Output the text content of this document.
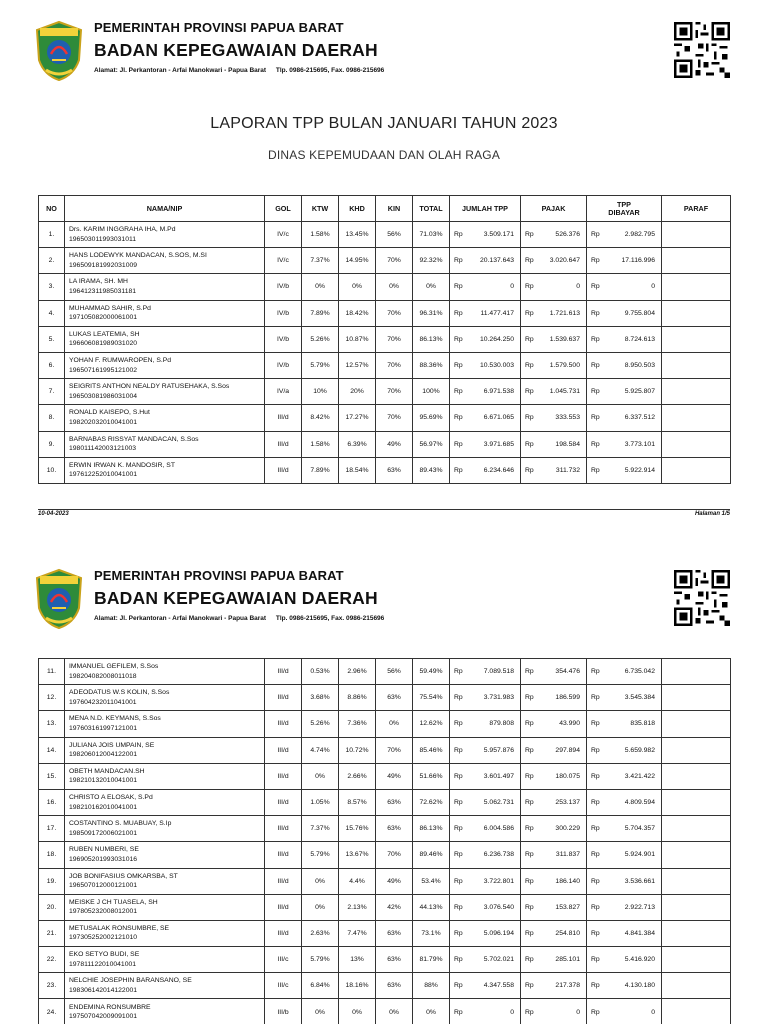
PEMERINTAH PROVINSI PAPUA BARAT
BADAN KEPEGAWAIAN DAERAH
Alamat: Jl. Perkantoran - Arfai Manokwari - Papua Barat Tlp. 0986-215695, Fax. 0986-215696
LAPORAN TPP BULAN JANUARI TAHUN 2023
DINAS KEPEMUDAAN DAN OLAH RAGA
NO	NAMA/NIP	GOL	KTW	KHD	KIN	TOTAL	JUMLAH TPP		PAJAK		TPP DIBAYAR		PARAF
1.	Drs. KARIM INGGRAHA IHA, M.Pd
196503011993031011	IV/c	1.58%	13.45%	56%	71.03%	Rp	3.509.171	Rp	526.376	Rp	2.982.795	
2.	HANS LODEWYK MANDACAN, S.SOS, M.SI
196509181992031009	IV/c	7.37%	14.95%	70%	92.32%	Rp	20.137.643	Rp	3.020.647	Rp	17.116.996	
3.	LA IRAMA, SH. MH
196412311985031181	IV/b	0%	0%	0%	0%	Rp	0	Rp	0	Rp	0	
4.	MUHAMMAD SAHIR, S.Pd
197105082000061001	IV/b	7.89%	18.42%	70%	96.31%	Rp	11.477.417	Rp	1.721.613	Rp	9.755.804	
5.	LUKAS LEATEMIA, SH
196606081989031020	IV/b	5.26%	10.87%	70%	86.13%	Rp	10.264.250	Rp	1.539.637	Rp	8.724.613	
6.	YOHAN F. RUMWAROPEN, S.Pd
196507161995121002	IV/b	5.79%	12.57%	70%	88.36%	Rp	10.530.003	Rp	1.579.500	Rp	8.950.503	
7.	SEIGRITS ANTHON NEALDY RATUSEHAKA, S.Sos
196503081986031004	IV/a	10%	20%	70%	100%	Rp	6.971.538	Rp	1.045.731	Rp	5.925.807	
8.	RONALD KAISEPO, S.Hut
198202032010041001	III/d	8.42%	17.27%	70%	95.69%	Rp	6.671.065	Rp	333.553	Rp	6.337.512	
9.	BARNABAS RISSYAT MANDACAN, S.Sos
198011142003121003	III/d	1.58%	6.39%	49%	56.97%	Rp	3.971.685	Rp	198.584	Rp	3.773.101	
10.	ERWIN IRWAN K. MANDOSIR, ST
197612252010041001	III/d	7.89%	18.54%	63%	89.43%	Rp	6.234.646	Rp	311.732	Rp	5.922.914	
10-04-2023	Halaman 1/5
PEMERINTAH PROVINSI PAPUA BARAT
BADAN KEPEGAWAIAN DAERAH
Alamat: Jl. Perkantoran - Arfai Manokwari - Papua Barat Tlp. 0986-215695, Fax. 0986-215696
11.	IMMANUEL GEFILEM, S.Sos
198204082008011018	III/d	0.53%	2.96%	56%	59.49%	Rp	7.089.518	Rp	354.476	Rp	6.735.042	
12.	ADEODATUS W.S KOLIN, S.Sos
197604232011041001	III/d	3.68%	8.86%	63%	75.54%	Rp	3.731.983	Rp	186.599	Rp	3.545.384	
13.	MENA N.D. KEYMANS, S.Sos
197603161997121001	III/d	5.26%	7.36%	0%	12.62%	Rp	879.808	Rp	43.990	Rp	835.818	
14.	JULIANA JOIS UMPAIN, SE
198206012004122001	III/d	4.74%	10.72%	70%	85.46%	Rp	5.957.876	Rp	297.894	Rp	5.659.982	
15.	OBETH MANDACAN.SH
198210132010041001	III/d	0%	2.66%	49%	51.66%	Rp	3.601.497	Rp	180.075	Rp	3.421.422	
16.	CHRISTO A ELOSAK, S.Pd
198210162010041001	III/d	1.05%	8.57%	63%	72.62%	Rp	5.062.731	Rp	253.137	Rp	4.809.594	
17.	COSTANTINO S. MUABUAY, S.Ip
198509172006021001	III/d	7.37%	15.76%	63%	86.13%	Rp	6.004.586	Rp	300.229	Rp	5.704.357	
18.	RUBEN NUMBERI, SE
196905201993031016	III/d	5.79%	13.67%	70%	89.46%	Rp	6.236.738	Rp	311.837	Rp	5.924.901	
19.	JOB BONIFASIUS OMKARSBA, ST
196507012000121001	III/d	0%	4.4%	49%	53.4%	Rp	3.722.801	Rp	186.140	Rp	3.536.661	
20.	MEISKE J CH TUASELA, SH
197805232008012001	III/d	0%	2.13%	42%	44.13%	Rp	3.076.540	Rp	153.827	Rp	2.922.713	
21.	METUSALAK RONSUMBRE, SE
197305252002121010	III/d	2.63%	7.47%	63%	73.1%	Rp	5.096.194	Rp	254.810	Rp	4.841.384	
22.	EKO SETYO BUDI, SE
197811122010041001	III/c	5.79%	13%	63%	81.79%	Rp	5.702.021	Rp	285.101	Rp	5.416.920	
23.	NELCHIE JOSEPHIN BARANSANO, SE
198306142014122001	III/c	6.84%	18.16%	63%	88%	Rp	4.347.558	Rp	217.378	Rp	4.130.180	
24.	ENDEMINA RONSUMBRE
197507042009091001	III/b	0%	0%	0%	0%	Rp	0	Rp	0	Rp	0	
